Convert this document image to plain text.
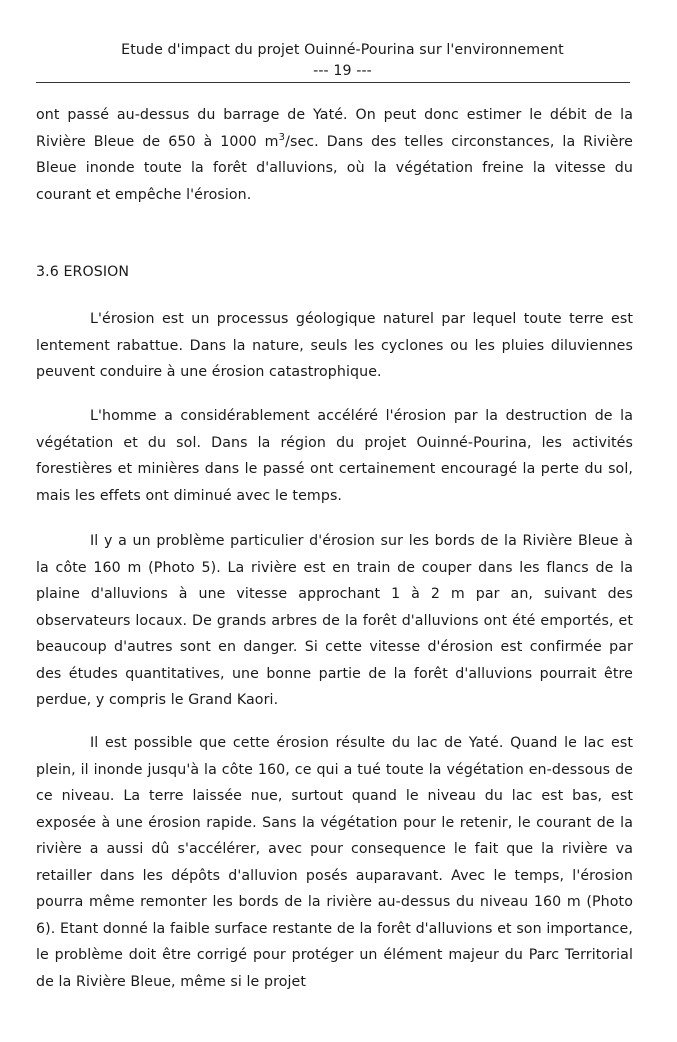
Etude d'impact du projet Ouinné-Pourina sur l'environnement
--- 19 ---
ont passé au-dessus du barrage de Yaté. On peut donc estimer le débit de la Rivière Bleue de 650 à 1000 $m^3/\sec$. Dans des telles circonstances, la Rivière Bleue inonde toute la forêt d'alluvions, où la végétation freine la vitesse du courant et empêche l'érosion.
3.6 EROSION
L'érosion est un processus géologique naturel par lequel toute terre est lentement rabattue. Dans la nature, seuls les cyclones ou les pluies diluviennes peuvent conduire à une érosion catastrophique.
L'homme a considérablement accéléré l'érosion par la destruction de la végétation et du sol. Dans la région du projet Ouinné-Pourina, les activités forestières et minières dans le passé ont certainement encouragé la perte du sol, mais les effets ont diminué avec le temps.
Il y a un problème particulier d'érosion sur les bords de la Rivière Bleue à la côte 160 m (Photo 5). La rivière est en train de couper dans les flancs de la plaine d'alluvions à une vitesse approchant 1 à 2 m par an, suivant des observateurs locaux. De grands arbres de la forêt d'alluvions ont été emportés, et beaucoup d'autres sont en danger. Si cette vitesse d'érosion est confirmée par des études quantitatives, une bonne partie de la forêt d'alluvions pourrait être perdue, y compris le Grand Kaori.
Il est possible que cette érosion résulte du lac de Yaté. Quand le lac est plein, il inonde jusqu'à la côte 160, ce qui a tué toute la végétation en-dessous de ce niveau. La terre laissée nue, surtout quand le niveau du lac est bas, est exposée à une érosion rapide. Sans la végétation pour le retenir, le courant de la rivière a aussi dû s'accélérer, avec pour consequence le fait que la rivière va retailler dans les dépôts d'alluvion posés auparavant. Avec le temps, l'érosion pourra même remonter les bords de la rivière au-dessus du niveau 160 m (Photo 6). Etant donné la faible surface restante de la forêt d'alluvions et son importance, le problème doit être corrigé pour protéger un élément majeur du Parc Territorial de la Rivière Bleue, même si le projet
